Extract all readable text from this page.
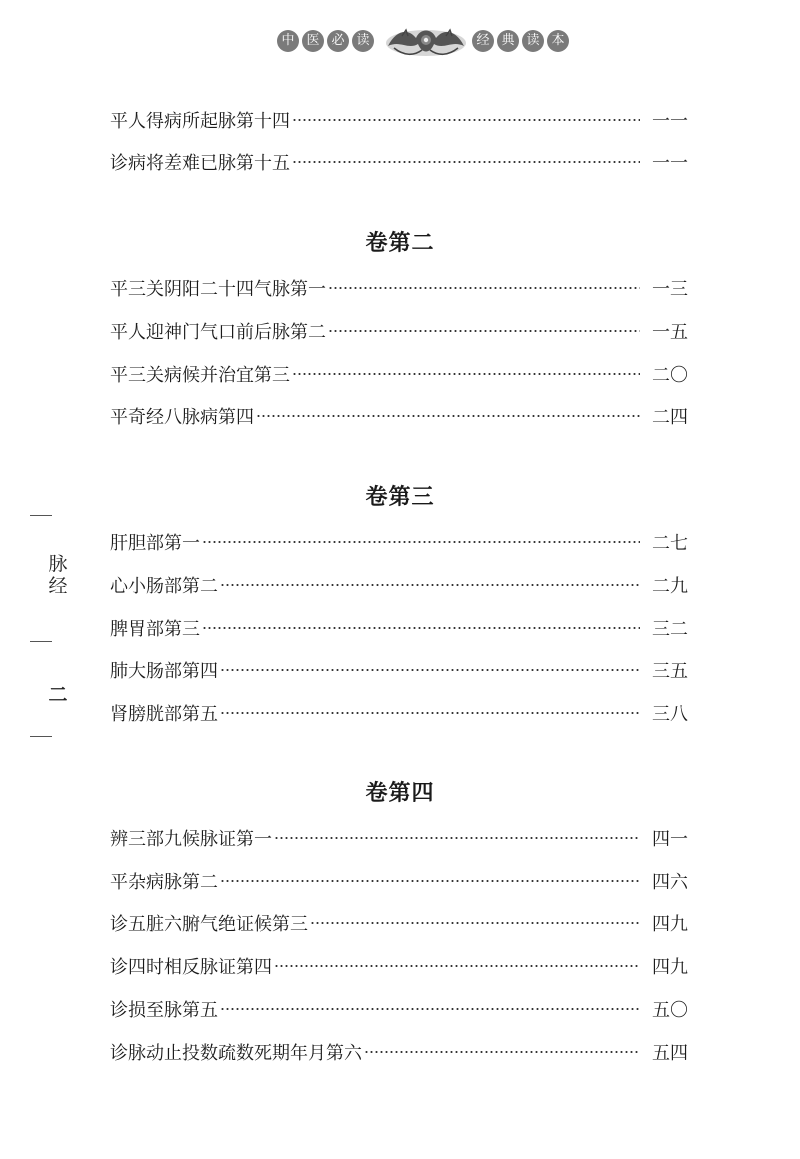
中 医 必 读	经 典 读 本
脉经
二
平人得病所起脉第十四	一一
诊病将差难已脉第十五	一一
卷第二
平三关阴阳二十四气脉第一	一三
平人迎神门气口前后脉第二	一五
平三关病候并治宜第三	二〇
平奇经八脉病第四	二四
卷第三
肝胆部第一	二七
心小肠部第二	二九
脾胃部第三	三二
肺大肠部第四	三五
肾膀胱部第五	三八
卷第四
辨三部九候脉证第一	四一
平杂病脉第二	四六
诊五脏六腑气绝证候第三	四九
诊四时相反脉证第四	四九
诊损至脉第五	五〇
诊脉动止投数疏数死期年月第六	五四
